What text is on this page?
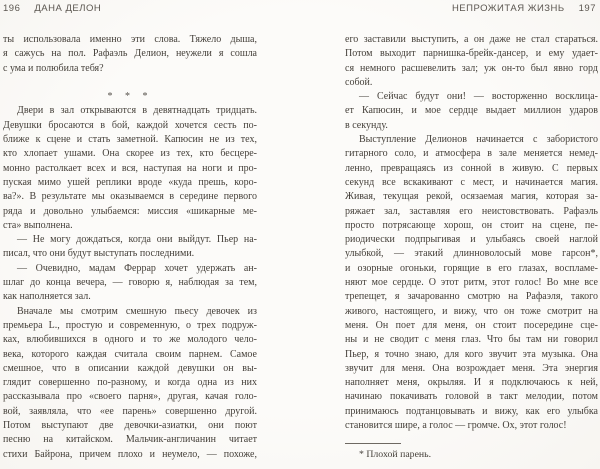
196 ДАНА ДЕЛОН	НЕПРОЖИТАЯ ЖИЗНЬ 197
ты использовала именно эти слова. Тяжело дыша,
я сажусь на пол. Рафаэль Делион, неужели я сошла
с ума и полюбила тебя?
* * *
Двери в зал открываются в девятнадцать тридцать.
Девушки бросаются в бой, каждой хочется сесть по-
ближе к сцене и стать заметной. Капюсин не из тех,
кто хлопает ушами. Она скорее из тех, кто бесцере-
монно растолкает всех и вся, наступая на ноги и про-
пуская мимо ушей реплики вроде «куда прешь, коро-
ва?». В результате мы оказываемся в середине первого
ряда и довольно улыбаемся: миссия «шикарные ме-
ста» выполнена.
— Не могу дождаться, когда они выйдут. Пьер на-
писал, что они будут выступать последними.
— Очевидно, мадам Феррар хочет удержать ан-
шлаг до конца вечера, — говорю я, наблюдая за тем,
как наполняется зал.
Вначале мы смотрим смешную пьесу девочек из
премьера L., простую и современную, о трех подруж-
ках, влюбившихся в одного и то же молодого чело-
века, которого каждая считала своим парнем. Самое
смешное, что в описании каждой девушки он вы-
глядит совершенно по-разному, и когда одна из них
рассказывала про «своего парня», другая, качая голо-
вой, заявляла, что «ее парень» совершенно другой.
Потом выступают две девочки-азиатки, они поют
песню на китайском. Мальчик-англичанин читает
стихи Байрона, причем плохо и неумело, — похоже,
его заставили выступить, а он даже не стал стараться.
Потом выходит парнишка-брейк-дансер, и ему удает-
ся немного расшевелить зал; уж он-то был явно горд
собой.
— Сейчас будут они! — восторженно восклица-
ет Капюсин, и мое сердце выдает миллион ударов
в секунду.
Выступление Делионов начинается с забористого
гитарного соло, и атмосфера в зале меняется немед-
ленно, превращаясь из сонной в живую. С первых
секунд все вскакивают с мест, и начинается магия.
Живая, текущая рекой, осязаемая магия, которая за-
ряжает зал, заставляя его неистовствовать. Рафаэль
просто потрясающе хорош, он стоит на сцене, пе-
риодически подпрыгивая и улыбаясь своей наглой
улыбкой, — этакий длинноволосый мове гарсон*,
и озорные огоньки, горящие в его глазах, воспламе-
няют мое сердце. О этот ритм, этот голос! Во мне все
трепещет, я зачарованно смотрю на Рафаэля, такого
живого, настоящего, и вижу, что он тоже смотрит на
меня. Он поет для меня, он стоит посередине сце-
ны и не сводит с меня глаз. Что бы там ни говорил
Пьер, я точно знаю, для кого звучит эта музыка. Она
звучит для меня. Она возрождает меня. Эта энергия
наполняет меня, окрыляя. И я подключаюсь к ней,
начинаю покачивать головой в такт мелодии, потом
принимаюсь подтанцовывать и вижу, как его улыбка
становится шире, а голос — громче. Ох, этот голос!
* Плохой парень.
